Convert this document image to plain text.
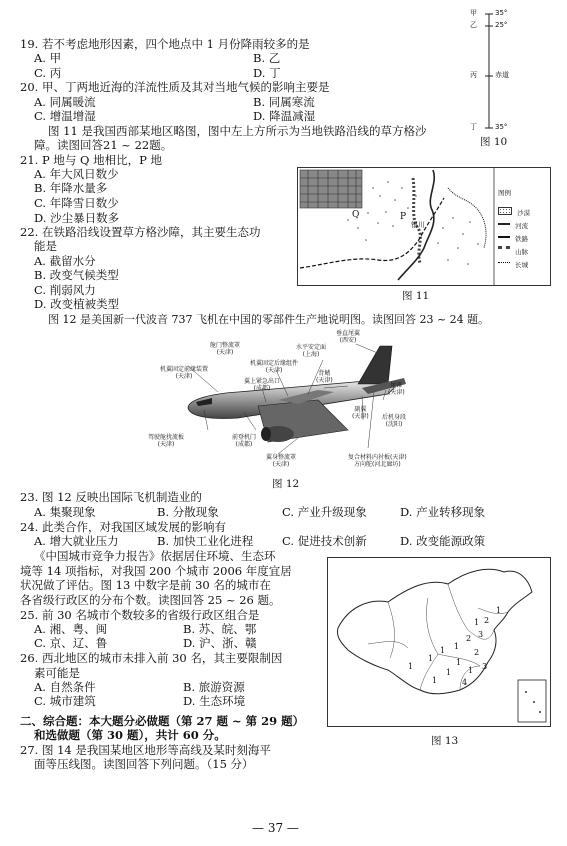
19. 若不考虑地形因素，四个地点中 1 月份降雨较多的是
A. 甲	B. 乙
C. 丙	D. 丁
20. 甲、丁两地近海的洋流性质及其对当地气候的影响主要是
A. 同属暖流	B. 同属寒流
C. 增温增湿	D. 降温减湿
甲	35°
乙	25°
丙	赤道
丁	35°
图 10
图 11 是我国西部某地区略图，图中左上方所示为当地铁路沿线的草方格沙
障。读图回答21 ~ 22题。
21. P 地与 Q 地相比，P 地
A. 年大风日数少
B. 年降水量多
C. 年降雪日数少
D. 沙尘暴日数多
22. 在铁路沿线设置草方格沙障，其主要生态功
能是
A. 截留水分
B. 改变气候类型
C. 削弱风力
D. 改变植被类型
Q	P
银川
图例
沙漠
河流
铁路
山脉
长城
图 11
图 12 是美国新一代波音 737 飞机在中国的零部件生产地说明图。读图回答 23 ~ 24 题。
垂直尾翼
(西安)
水平安定面
(上海)
舱门整流罩
(天津)
机翼固定后缘组件
(天津)
机翼固定前缘装置
(天津)	背鳍
(天津)
尾锥
(天津)
翼上紧急出口
(成都)
副翼
(天津) 后机身段
(沈阳)
驾驶舱扰流板
(天津)
前登机门
(成都)
复合材料内衬板(天津)
方向舵(河北廊坊)
翼身整流罩
(天津)
图 12
23. 图 12 反映出国际飞机制造业的
A. 集聚现象	B. 分散现象	C. 产业升级现象	D. 产业转移现象
24. 此类合作，对我国区域发展的影响有
A. 增大就业压力	B. 加快工业化进程 C. 促进技术创新	D. 改变能源政策
《中国城市竞争力报告》依据居住环境、生态环
境等 14 项指标，对我国 200 个城市 2006 年度宜居
状况做了评估。图 13 中数字是前 30 名的城市在
各省级行政区的分布个数。读图回答 25 ~ 26 题。
25. 前 30 名城市个数较多的省级行政区组合是
A. 湘、粤、闽	B. 苏、皖、鄂
C. 京、辽、鲁	D. 沪、浙、赣
26. 西北地区的城市未排入前 30 名，其主要限制因
素可能是
A. 自然条件	B. 旅游资源
C. 城市建筑	D. 生态环境
1
2
1
3
2
1
1	2
1	1
1
1 1 3
1	4
图 13
二、综合题：本大题分必做题（第 27 题 ~ 第 29 题）
和选做题（第 30 题），共计 60 分。
27. 图 14 是我国某地区地形等高线及某时刻海平
面等压线图。读图回答下列问题。（15 分）
— 37 —
